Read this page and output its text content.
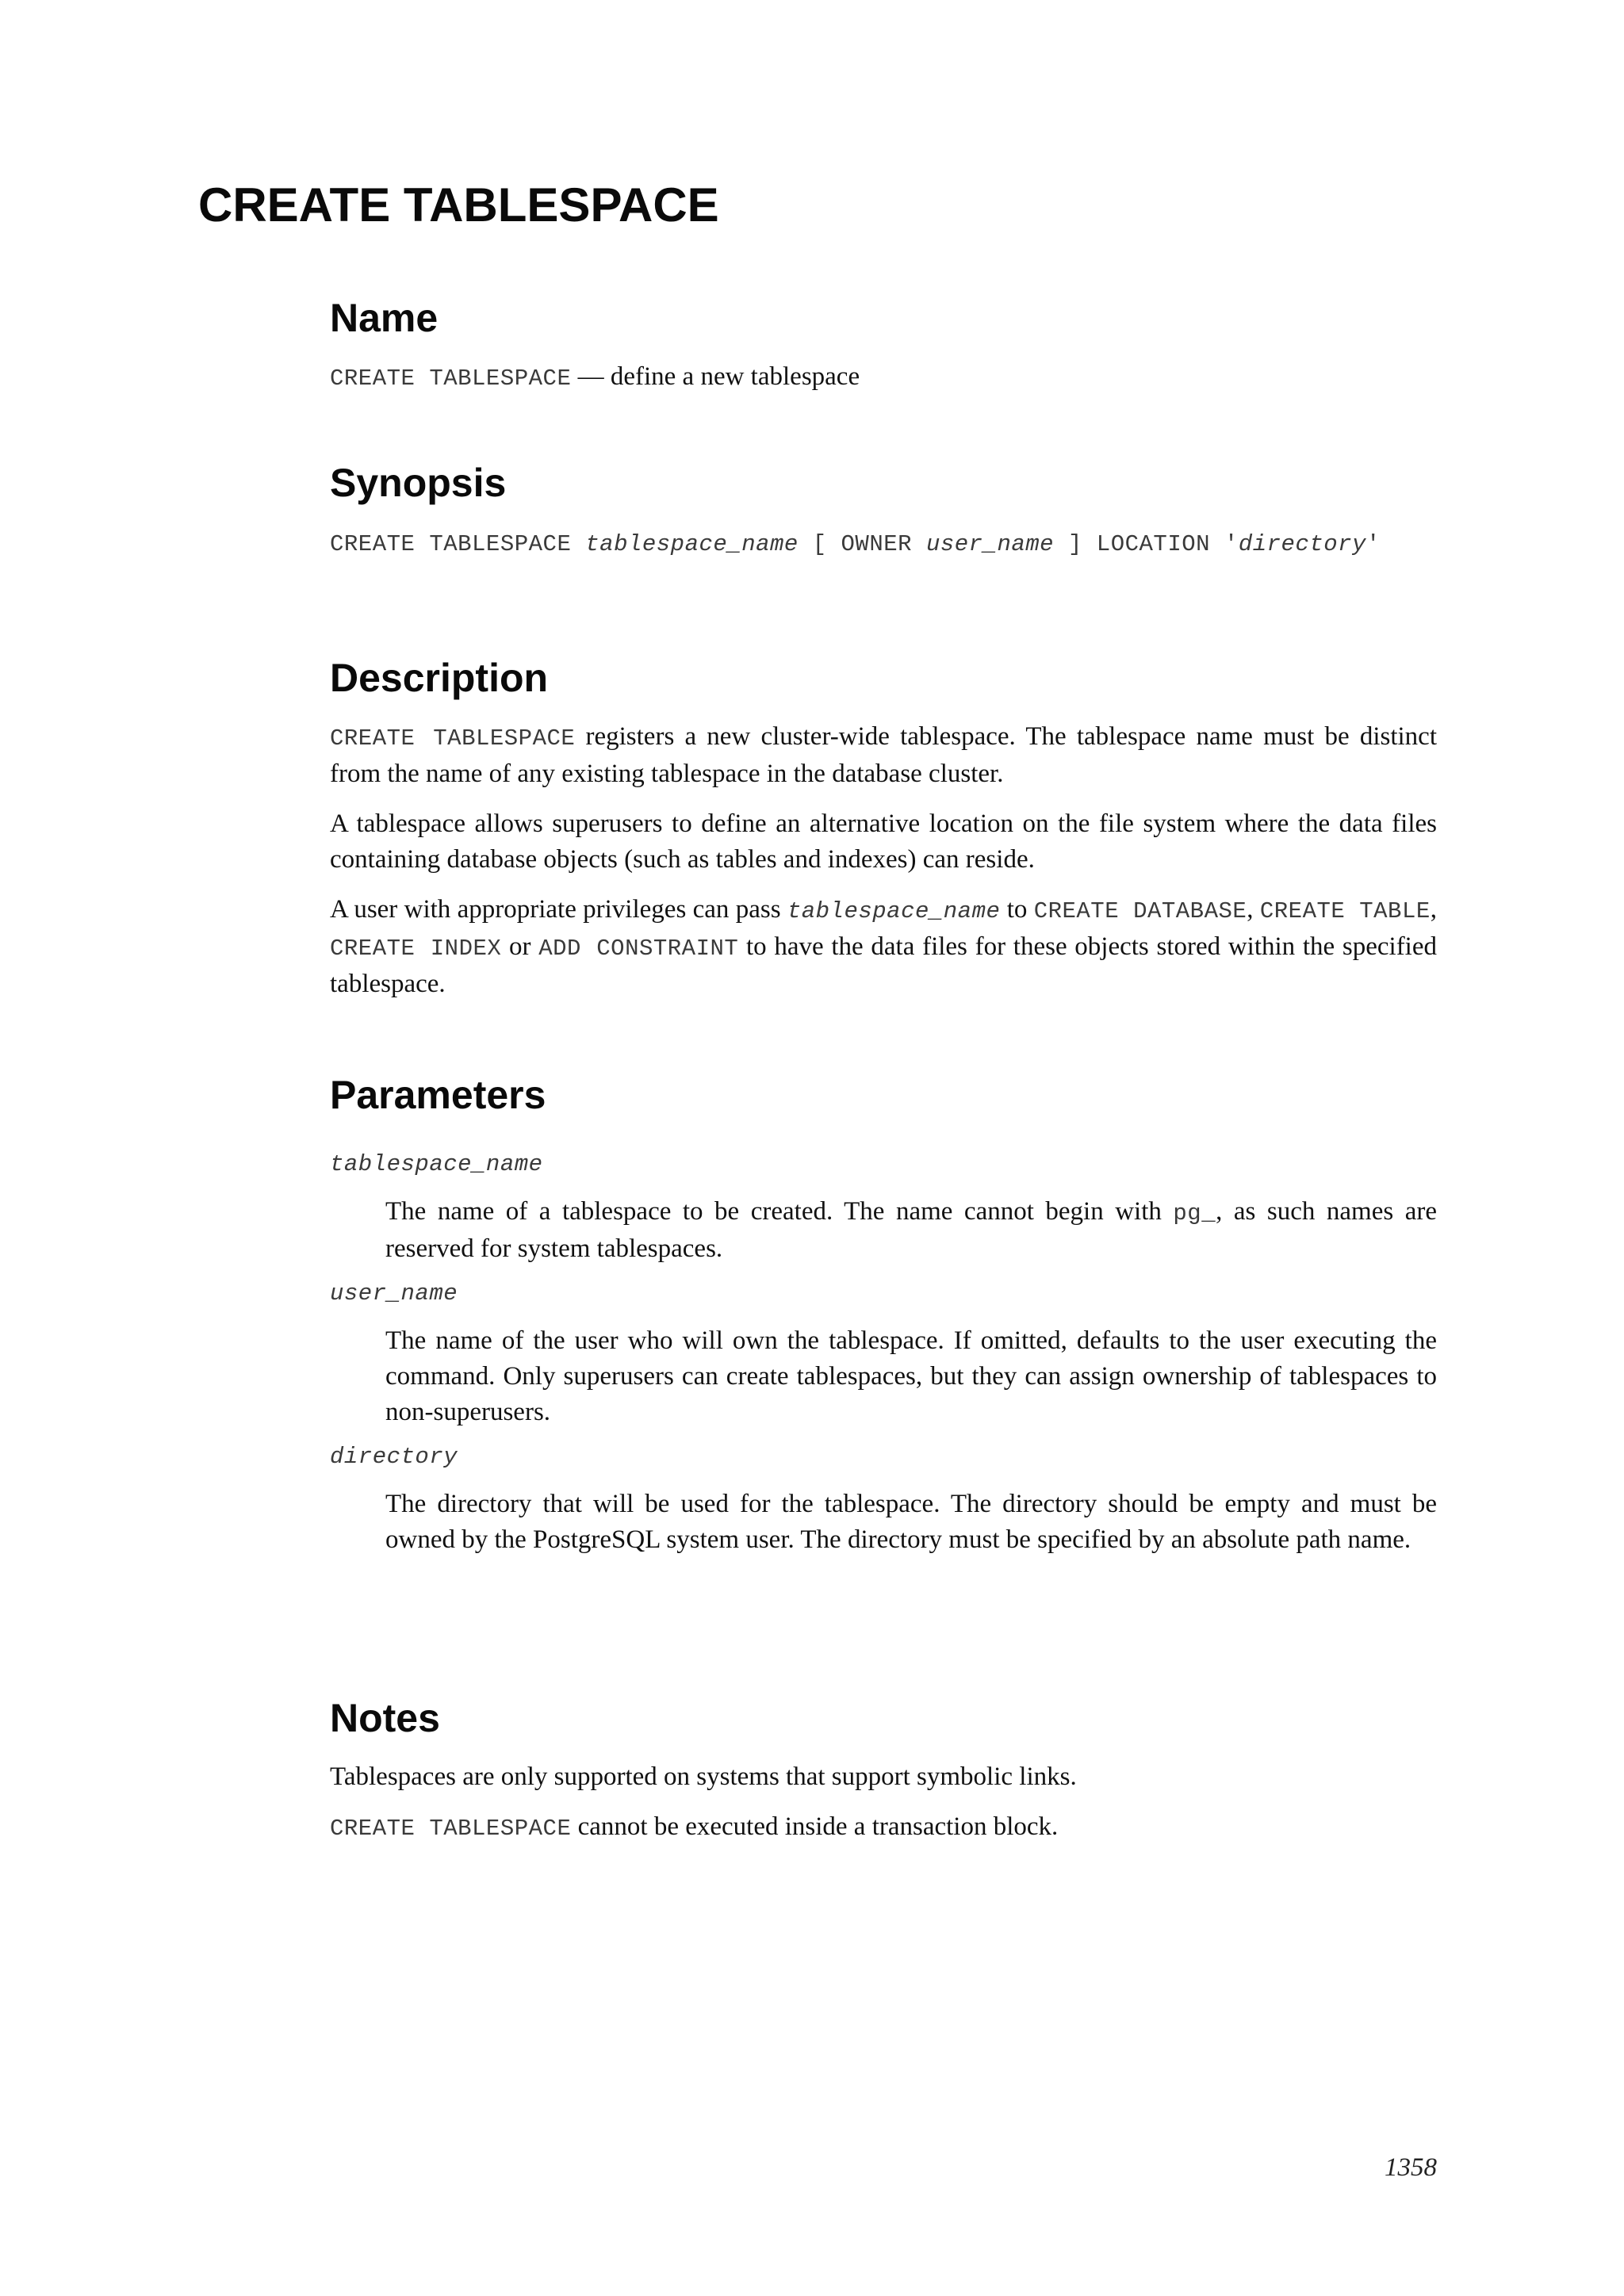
CREATE TABLESPACE
Name

CREATE TABLESPACE — define a new tablespace

Synopsis

CREATE TABLESPACE tablespace_name [ OWNER user_name ] LOCATION 'directory'

Description

CREATE TABLESPACE registers a new cluster-wide tablespace. The tablespace name must be distinct from the name of any existing tablespace in the database cluster.

A tablespace allows superusers to define an alternative location on the file system where the data files containing database objects (such as tables and indexes) can reside.

A user with appropriate privileges can pass tablespace_name to CREATE DATABASE, CREATE TABLE, CREATE INDEX or ADD CONSTRAINT to have the data files for these objects stored within the specified tablespace.

Parameters

tablespace_name

The name of a tablespace to be created. The name cannot begin with pg_, as such names are reserved for system tablespaces.

user_name

The name of the user who will own the tablespace. If omitted, defaults to the user executing the command. Only superusers can create tablespaces, but they can assign ownership of tablespaces to non-superusers.

directory

The directory that will be used for the tablespace. The directory should be empty and must be owned by the PostgreSQL system user. The directory must be specified by an absolute path name.

Notes

Tablespaces are only supported on systems that support symbolic links.

CREATE TABLESPACE cannot be executed inside a transaction block.

1358
